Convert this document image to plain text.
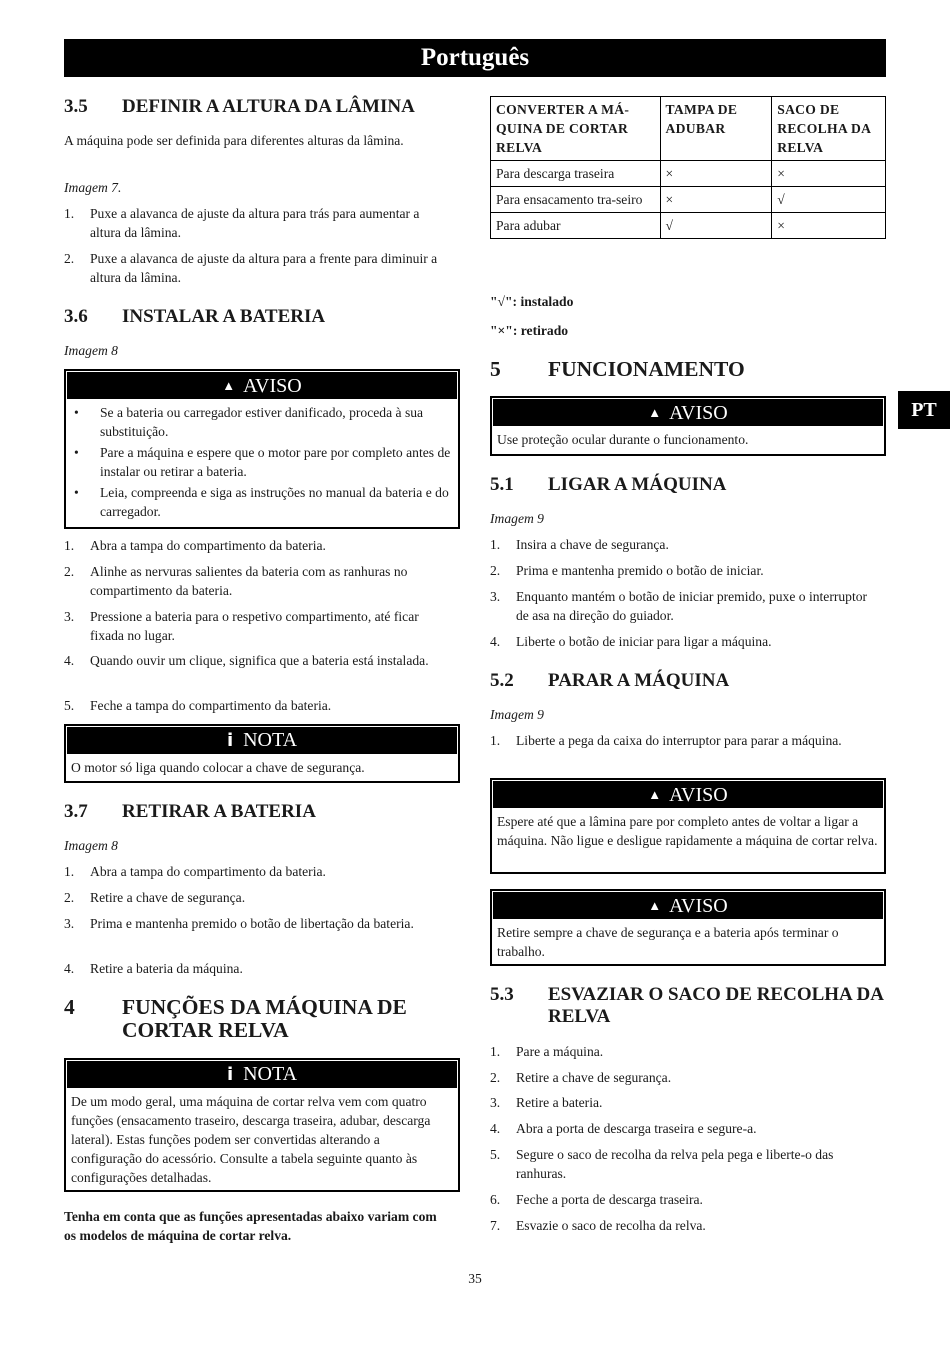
Português
PT
3.5	DEFINIR A ALTURA DA LÂMINA
A máquina pode ser definida para diferentes alturas da lâmina.
Imagem 7.
1.	Puxe a alavanca de ajuste da altura para trás para aumentar a altura da lâmina.
2.	Puxe a alavanca de ajuste da altura para a frente para diminuir a altura da lâmina.
3.6	INSTALAR A BATERIA
Imagem 8
▲ AVISO
•	Se a bateria ou carregador estiver danificado, proceda à sua substituição.
•	Pare a máquina e espere que o motor pare por completo antes de instalar ou retirar a bateria.
•	Leia, compreenda e siga as instruções no manual da bateria e do carregador.
1.	Abra a tampa do compartimento da bateria.
2.	Alinhe as nervuras salientes da bateria com as ranhuras no compartimento da bateria.
3.	Pressione a bateria para o respetivo compartimento, até ficar fixada no lugar.
4.	Quando ouvir um clique, significa que a bateria está instalada.
5.	Feche a tampa do compartimento da bateria.
i NOTA
O motor só liga quando colocar a chave de segurança.
3.7	RETIRAR A BATERIA
Imagem 8
1.	Abra a tampa do compartimento da bateria.
2.	Retire a chave de segurança.
3.	Prima e mantenha premido o botão de libertação da bateria.
4.	Retire a bateria da máquina.
4	FUNÇÕES DA MÁQUINA DE CORTAR RELVA
i NOTA
De um modo geral, uma máquina de cortar relva vem com quatro funções (ensacamento traseiro, descarga traseira, adubar, descarga lateral). Estas funções podem ser convertidas alterando a configuração do acessório. Consulte a tabela seguinte quanto às configurações detalhadas.
Tenha em conta que as funções apresentadas abaixo variam com os modelos de máquina de cortar relva.
CONVERTER A MÁ-QUINA DE CORTAR RELVA	TAMPA DE ADUBAR	SACO DE RECOLHA DA RELVA
Para descarga traseira	×	×
Para ensacamento tra-seiro	×	√
Para adubar	√	×
"√": instalado
"×": retirado
5	FUNCIONAMENTO
▲ AVISO
Use proteção ocular durante o funcionamento.
5.1	LIGAR A MÁQUINA
Imagem 9
1.	Insira a chave de segurança.
2.	Prima e mantenha premido o botão de iniciar.
3.	Enquanto mantém o botão de iniciar premido, puxe o interruptor de asa na direção do guiador.
4.	Liberte o botão de iniciar para ligar a máquina.
5.2	PARAR A MÁQUINA
Imagem 9
1.	Liberte a pega da caixa do interruptor para parar a máquina.
▲ AVISO
Espere até que a lâmina pare por completo antes de voltar a ligar a máquina. Não ligue e desligue rapidamente a máquina de cortar relva.
▲ AVISO
Retire sempre a chave de segurança e a bateria após terminar o trabalho.
5.3	ESVAZIAR O SACO DE RECOLHA DA RELVA
1.	Pare a máquina.
2.	Retire a chave de segurança.
3.	Retire a bateria.
4.	Abra a porta de descarga traseira e segure-a.
5.	Segure o saco de recolha da relva pela pega e liberte-o das ranhuras.
6.	Feche a porta de descarga traseira.
7.	Esvazie o saco de recolha da relva.
35
